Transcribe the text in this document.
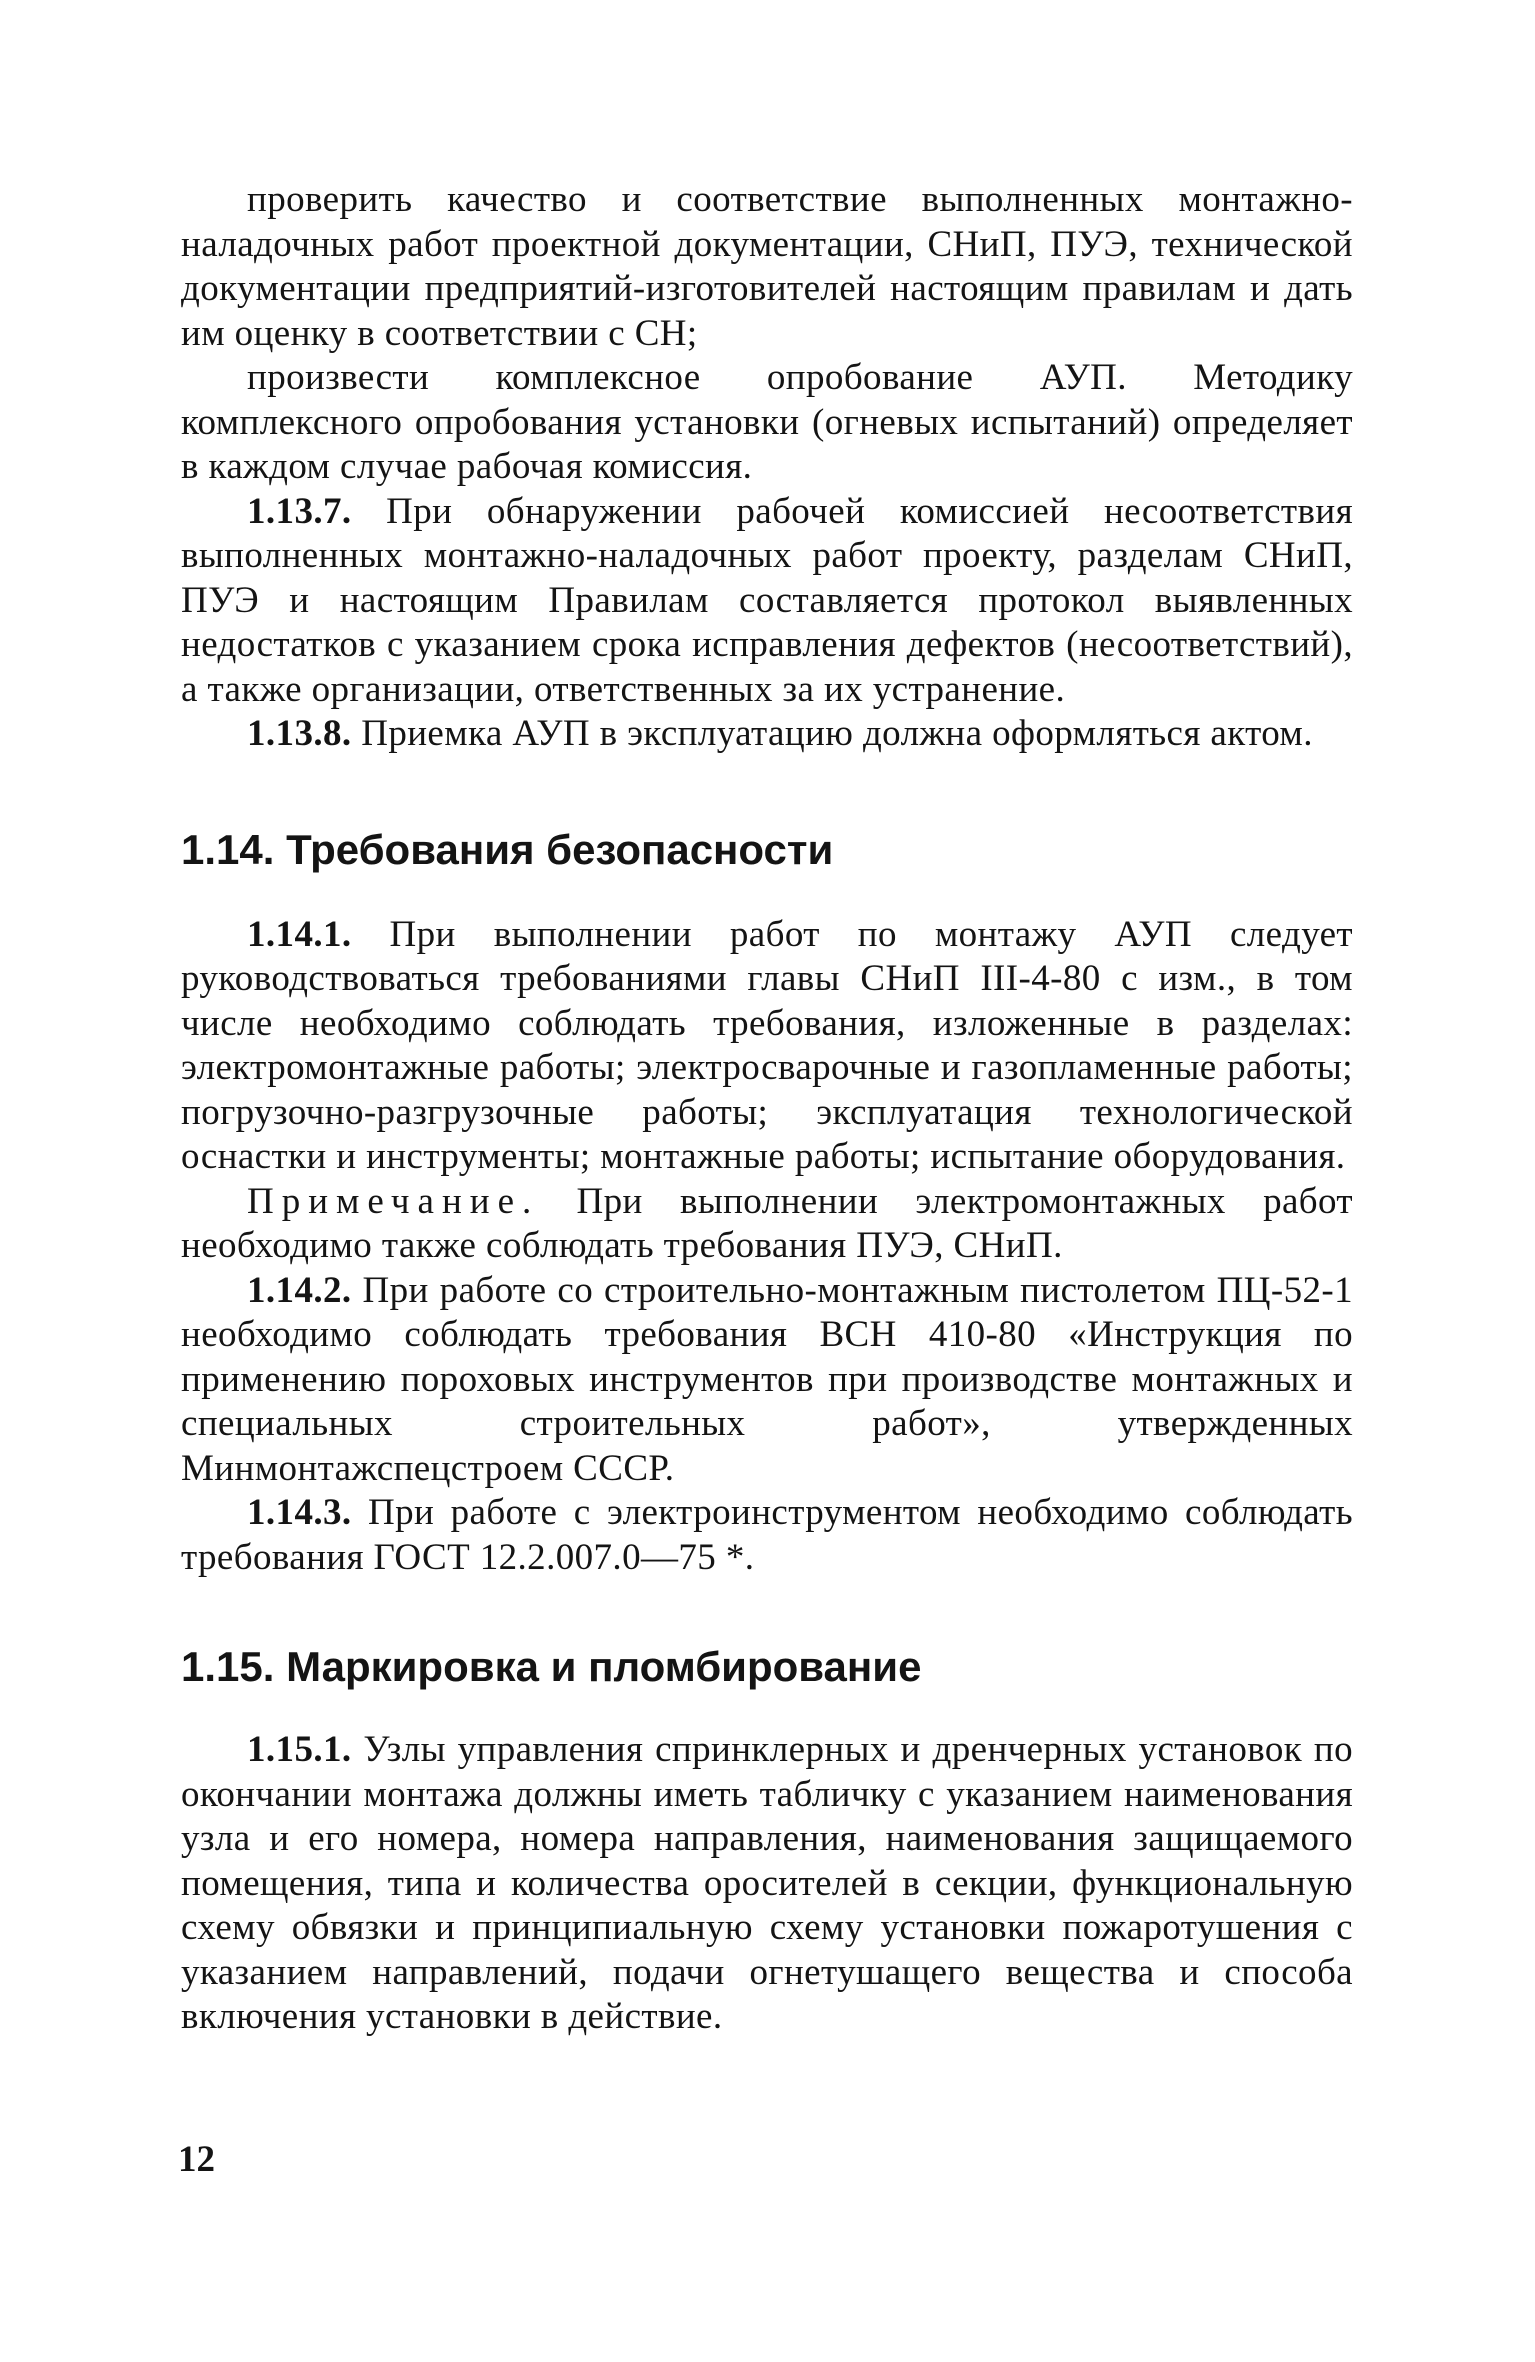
проверить качество и соответствие выполненных монтажно-наладочных работ проектной документации, СНиП, ПУЭ, технической документации предприятий-изготовителей настоящим правилам и дать им оценку в соответствии с СН;

произвести комплексное опробование АУП. Методику комплексного опробования установки (огневых испытаний) определяет в каждом случае рабочая комиссия.

1.13.7. При обнаружении рабочей комиссией несоответствия выполненных монтажно-наладочных работ проекту, разделам СНиП, ПУЭ и настоящим Правилам составляется протокол выявленных недостатков с указанием срока исправления дефектов (несоответствий), а также организации, ответственных за их устранение.

1.13.8. Приемка АУП в эксплуатацию должна оформляться актом.

1.14. Требования безопасности

1.14.1. При выполнении работ по монтажу АУП следует руководствоваться требованиями главы СНиП III-4-80 с изм., в том числе необходимо соблюдать требования, изложенные в разделах: электромонтажные работы; электросварочные и газопламенные работы; погрузочно-разгрузочные работы; эксплуатация технологической оснастки и инструменты; монтажные работы; испытание оборудования.

Примечание. При выполнении электромонтажных работ необходимо также соблюдать требования ПУЭ, СНиП.

1.14.2. При работе со строительно-монтажным пистолетом ПЦ-52-1 необходимо соблюдать требования ВСН 410-80 «Инструкция по применению пороховых инструментов при производстве монтажных и специальных строительных работ», утвержденных Минмонтажспецстроем СССР.

1.14.3. При работе с электроинструментом необходимо соблюдать требования ГОСТ 12.2.007.0—75 *.

1.15. Маркировка и пломбирование

1.15.1. Узлы управления спринклерных и дренчерных установок по окончании монтажа должны иметь табличку с указанием наименования узла и его номера, номера направления, наименования защищаемого помещения, типа и количества оросителей в секции, функциональную схему обвязки и принципиальную схему установки пожаротушения с указанием направлений, подачи огнетушащего вещества и способа включения установки в действие.

12
